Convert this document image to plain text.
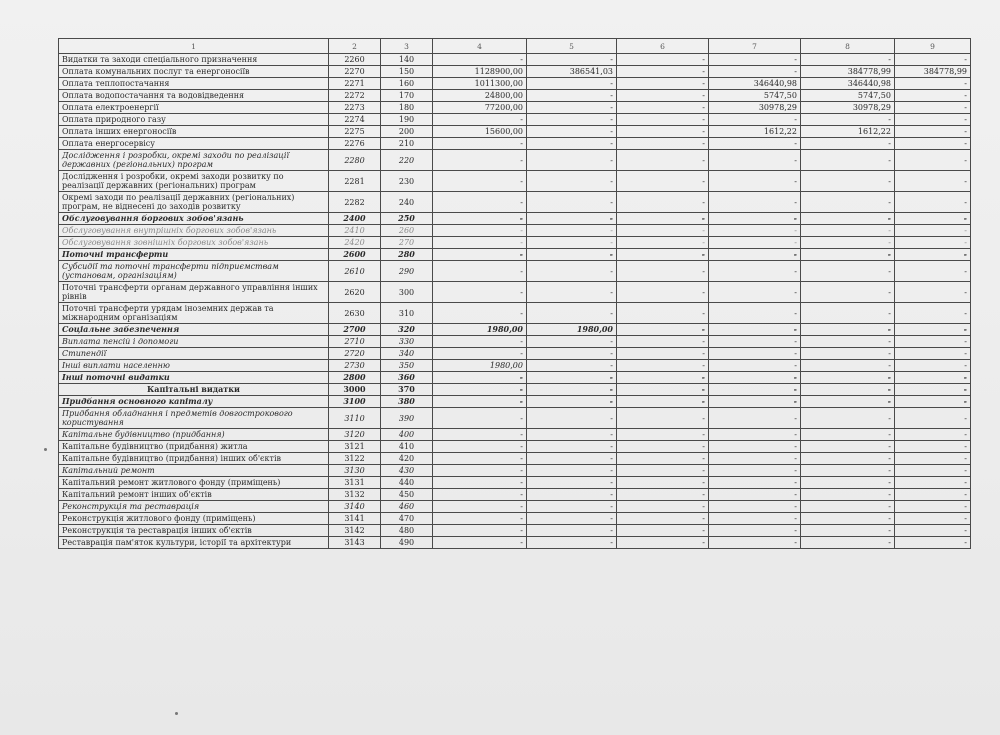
1	2	3	4	5	6	7	8	9
Видатки та заходи спеціального призначення	2260	140	-	-	-	-	-	-
Оплата комунальних послуг та енергоносіїв	2270	150	1128900,00	386541,03	-	-	384778,99	384778,99
Оплата теплопостачання	2271	160	1011300,00	-	-	346440,98	346440,98	-
Оплата водопостачання та водовідведення	2272	170	24800,00	-	-	5747,50	5747,50	-
Оплата електроенергії	2273	180	77200,00	-	-	30978,29	30978,29	-
Оплата природного газу	2274	190	-	-	-	-	-	-
Оплата інших енергоносіїв	2275	200	15600,00	-	-	1612,22	1612,22	-
Оплата енергосервісу	2276	210	-	-	-	-	-	-
Дослідження і розробки, окремі заходи по реалізації державних (регіональних) програм	2280	220	-	-	-	-	-	-
Дослідження і розробки, окремі заходи розвитку по реалізації державних (регіональних) програм	2281	230	-	-	-	-	-	-
Окремі заходи по реалізації державних (регіональних) програм, не віднесені до заходів розвитку	2282	240	-	-	-	-	-	-
Обслуговування боргових зобов'язань	2400	250	-	-	-	-	-	-
Обслуговування внутрішніх боргових зобов'язань	2410	260	-	-	-	-	-	-
Обслуговування зовнішніх боргових зобов'язань	2420	270	-	-	-	-	-	-
Поточні трансферти	2600	280	-	-	-	-	-	-
Субсидії та поточні трансферти підприємствам (установам, організаціям)	2610	290	-	-	-	-	-	-
Поточні трансферти органам державного управління інших рівнів	2620	300	-	-	-	-	-	-
Поточні трансферти урядам іноземних держав та міжнародним організаціям	2630	310	-	-	-	-	-	-
Соціальне забезпечення	2700	320	1980,00	1980,00	-	-	-	-
Виплата пенсій і допомоги	2710	330	-	-	-	-	-	-
Стипендії	2720	340	-	-	-	-	-	-
Інші виплати населенню	2730	350	1980,00	-	-	-	-	-
Інші поточні видатки	2800	360	-	-	-	-	-	-
Капітальні видатки	3000	370	-	-	-	-	-	-
Придбання основного капіталу	3100	380	-	-	-	-	-	-
Придбання обладнання і предметів довгострокового користування	3110	390	-	-	-	-	-	-
Капітальне будівництво (придбання)	3120	400	-	-	-	-	-	-
Капітальне будівництво (придбання) житла	3121	410	-	-	-	-	-	-
Капітальне будівництво (придбання) інших об'єктів	3122	420	-	-	-	-	-	-
Капітальний ремонт	3130	430	-	-	-	-	-	-
Капітальний ремонт житлового фонду (приміщень)	3131	440	-	-	-	-	-	-
Капітальний ремонт інших об'єктів	3132	450	-	-	-	-	-	-
Реконструкція та реставрація	3140	460	-	-	-	-	-	-
Реконструкція житлового фонду (приміщень)	3141	470	-	-	-	-	-	-
Реконструкція та реставрація інших об'єктів	3142	480	-	-	-	-	-	-
Реставрація пам'яток культури, історії та архітектури	3143	490	-	-	-	-	-	-
